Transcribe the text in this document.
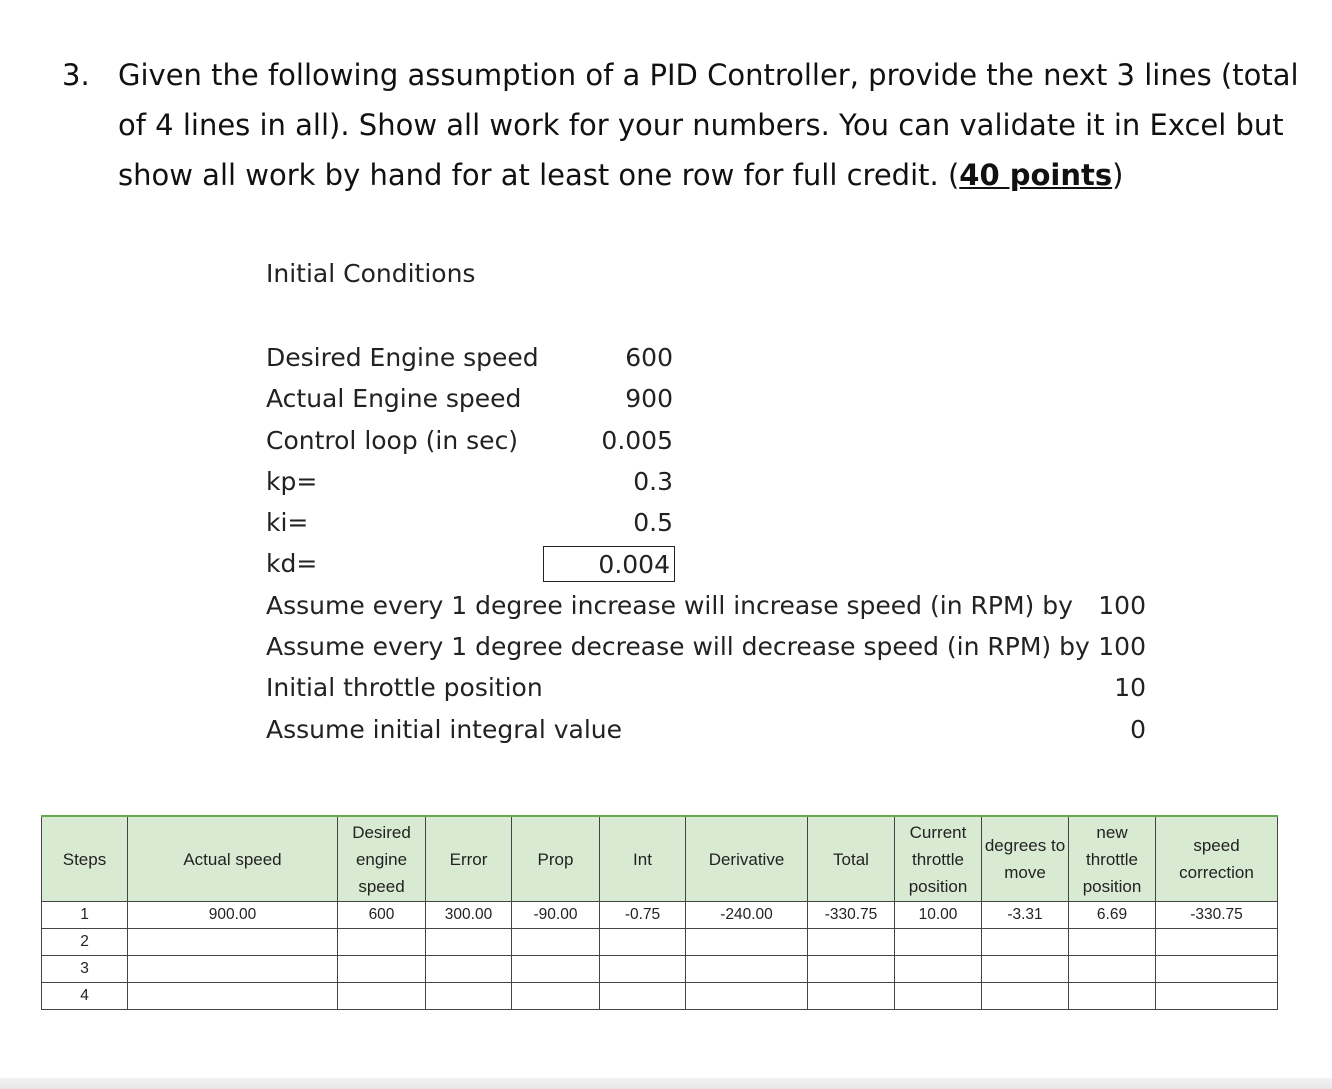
3. Given the following assumption of a PID Controller, provide the next 3 lines (total of 4 lines in all). Show all work for your numbers. You can validate it in Excel but show all work by hand for at least one row for full credit. (40 points)
Initial Conditions
Desired Engine speed	600
Actual Engine speed	900
Control loop (in sec)	0.005
kp=	0.3
ki=	0.5
kd=	0.004
Assume every 1 degree increase will increase speed (in RPM) by 100
Assume every 1 degree decrease will decrease speed (in RPM) by 100
Initial throttle position	10
Assume initial integral value	0
Steps	Actual speed	Desired engine speed	Error	Prop	Int	Derivative	Total	Current throttle position	degrees to move	new throttle position	speed correction
1	900.00	600	300.00	-90.00	-0.75	-240.00	-330.75	10.00	-3.31	6.69	-330.75
2											
3											
4											
